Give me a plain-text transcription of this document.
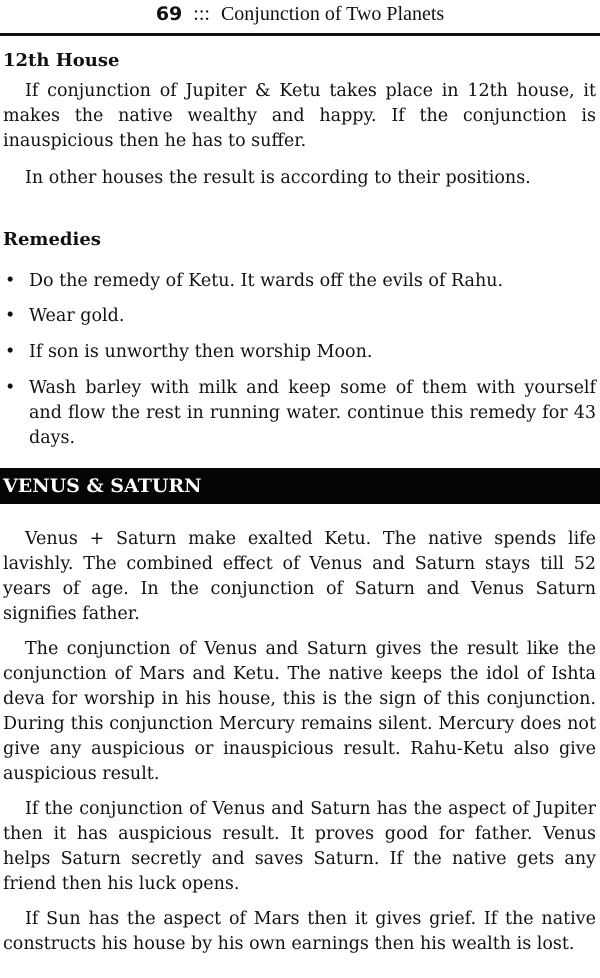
69 ::: Conjunction of Two Planets
12th House
If conjunction of Jupiter & Ketu takes place in 12th house, it makes the native wealthy and happy. If the conjunction is inauspicious then he has to suffer.
In other houses the result is according to their positions.
Remedies
• Do the remedy of Ketu. It wards off the evils of Rahu.
• Wear gold.
• If son is unworthy then worship Moon.
• Wash barley with milk and keep some of them with yourself and flow the rest in running water. continue this remedy for 43 days.
VENUS & SATURN
Venus + Saturn make exalted Ketu. The native spends life lavishly. The combined effect of Venus and Saturn stays till 52 years of age. In the conjunction of Saturn and Venus Saturn signifies father.
The conjunction of Venus and Saturn gives the result like the conjunction of Mars and Ketu. The native keeps the idol of Ishta deva for worship in his house, this is the sign of this conjunction. During this conjunction Mercury remains silent. Mercury does not give any auspicious or inauspicious result. Rahu-Ketu also give auspicious result.
If the conjunction of Venus and Saturn has the aspect of Jupiter then it has auspicious result. It proves good for father. Venus helps Saturn secretly and saves Saturn. If the native gets any friend then his luck opens.
If Sun has the aspect of Mars then it gives grief. If the native constructs his house by his own earnings then his wealth is lost.
